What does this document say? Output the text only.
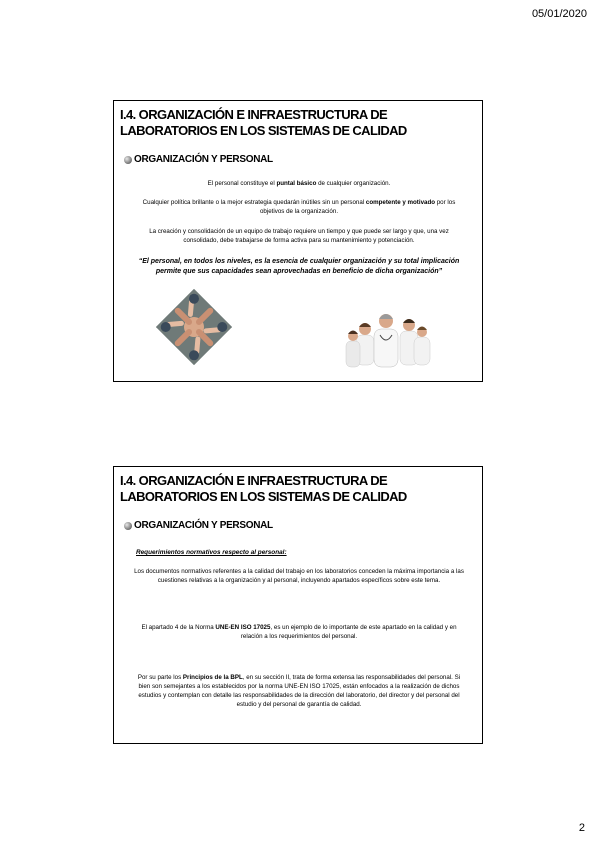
05/01/2020
I.4. ORGANIZACIÓN E INFRAESTRUCTURA DE LABORATORIOS EN LOS SISTEMAS DE CALIDAD
ORGANIZACIÓN Y PERSONAL
El personal constituye el puntal básico de cualquier organización.
Cualquier política brillante o la mejor estrategia quedarán inútiles sin un personal competente y motivado por los objetivos de la organización.
La creación y consolidación de un equipo de trabajo requiere un tiempo y que puede ser largo y que, una vez consolidado, debe trabajarse de forma activa para su mantenimiento y potenciación.
“El personal, en todos los niveles, es la esencia de cualquier organización y su total implicación permite que sus capacidades sean aprovechadas en beneficio de dicha organización”
I.4. ORGANIZACIÓN E INFRAESTRUCTURA DE LABORATORIOS EN LOS SISTEMAS DE CALIDAD
ORGANIZACIÓN Y PERSONAL
Requerimientos normativos respecto al personal:
Los documentos normativos referentes a la calidad del trabajo en los laboratorios conceden la máxima importancia a las cuestiones relativas a la organización y al personal, incluyendo apartados específicos sobre este tema.
El apartado 4 de la Norma UNE-EN ISO 17025, es un ejemplo de lo importante de este apartado en la calidad y en relación a los requerimientos del personal.
Por su parte los Principios de la BPL, en su sección II, trata de forma extensa las responsabilidades del personal. Si bien son semejantes a los establecidos por la norma UNE-EN ISO 17025, están enfocados a la realización de dichos estudios y contemplan con detalle las responsabilidades de la dirección del laboratorio, del director y del personal del estudio y del personal de garantía de calidad.
2
